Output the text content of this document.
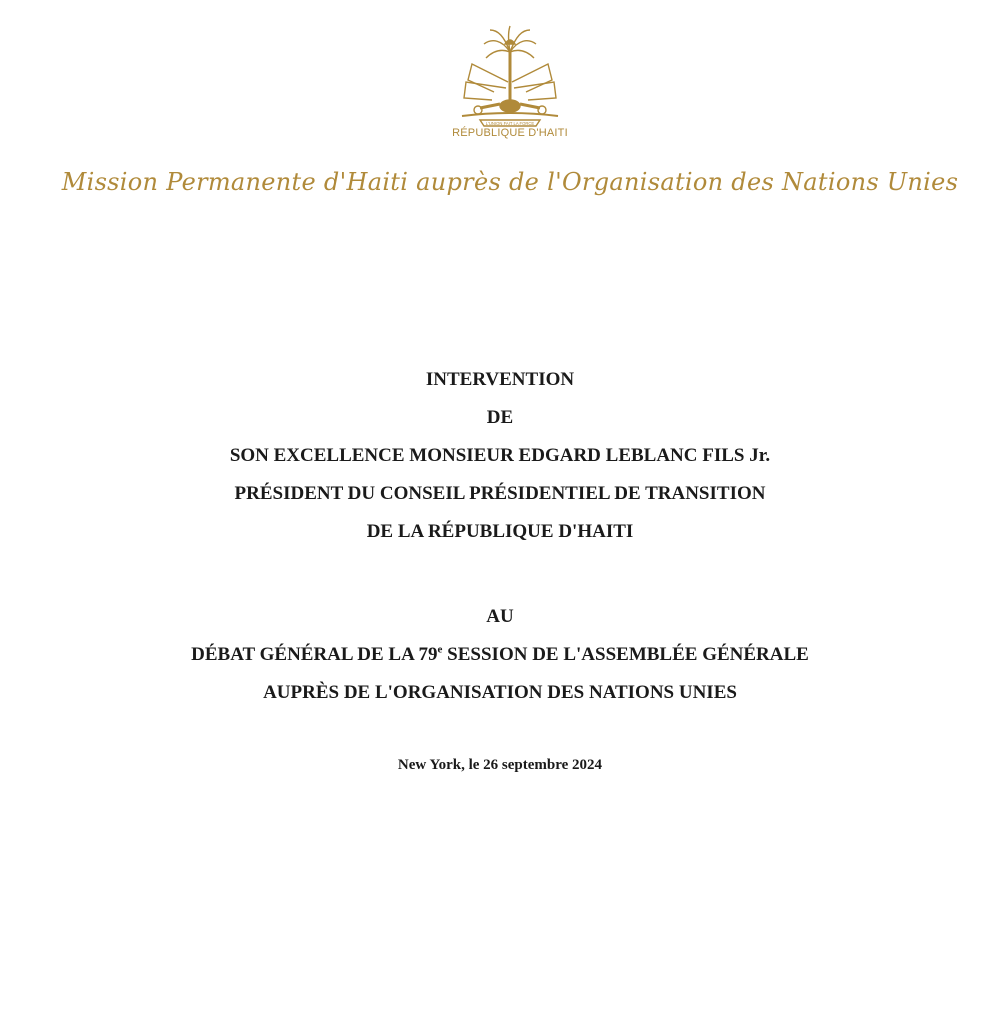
L'UNION FAIT LA FORCE
RÉPUBLIQUE D'HAITI
Mission Permanente d'Haiti auprès de l'Organisation des Nations Unies
INTERVENTION
DE
SON EXCELLENCE MONSIEUR EDGARD LEBLANC FILS Jr.
PRÉSIDENT DU CONSEIL PRÉSIDENTIEL DE TRANSITION
DE LA RÉPUBLIQUE D'HAITI
AU
DÉBAT GÉNÉRAL DE LA 79e SESSION DE L'ASSEMBLÉE GÉNÉRALE
AUPRÈS DE L'ORGANISATION DES NATIONS UNIES
New York, le 26 septembre 2024
